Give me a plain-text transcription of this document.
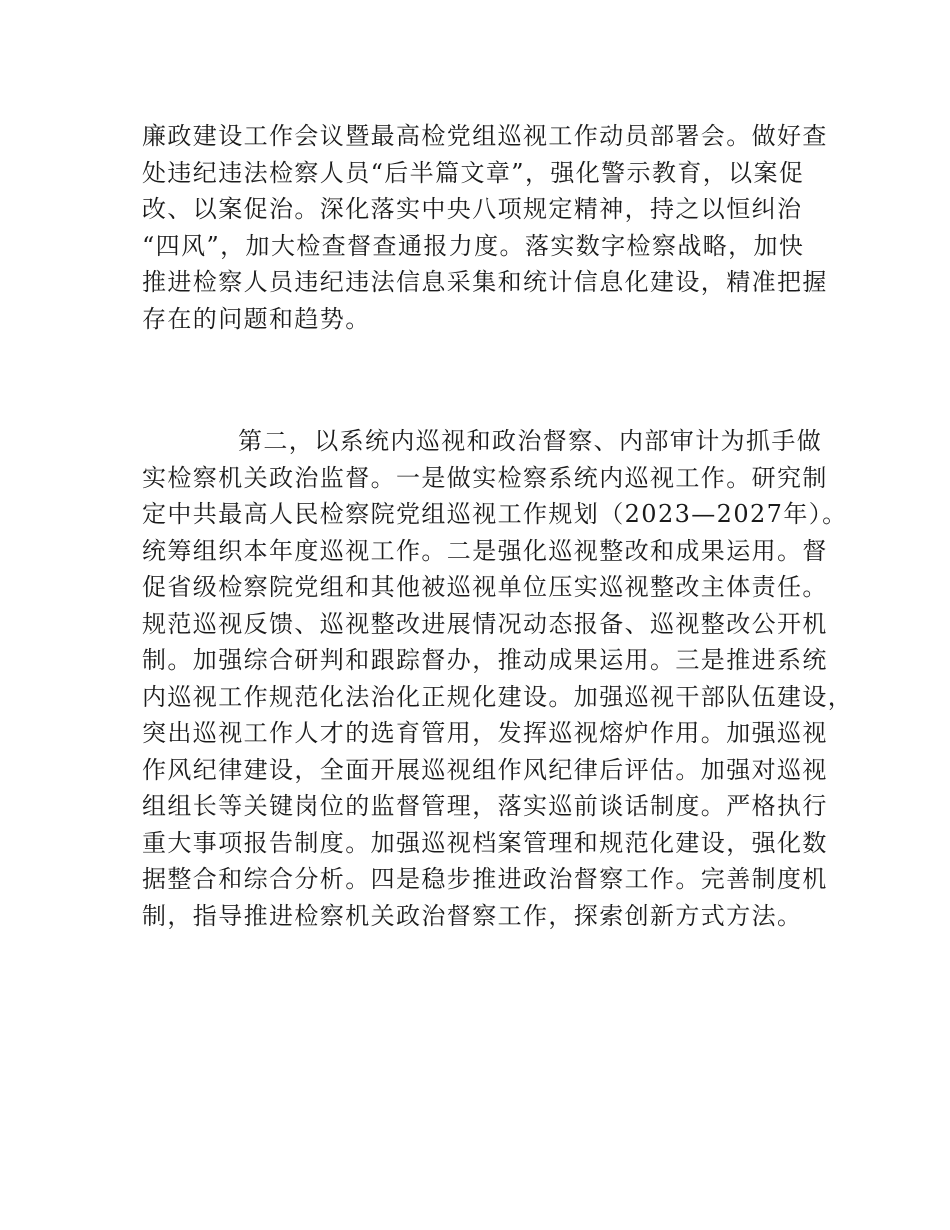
廉政建设工作会议暨最高检党组巡视工作动员部署会。做好查
处违纪违法检察人员“后半篇文章”，强化警示教育，以案促
改、以案促治。深化落实中央八项规定精神，持之以恒纠治
“四风”，加大检查督查通报力度。落实数字检察战略，加快
推进检察人员违纪违法信息采集和统计信息化建设，精准把握
存在的问题和趋势。
第二，以系统内巡视和政治督察、内部审计为抓手做
实检察机关政治监督。一是做实检察系统内巡视工作。研究制
定中共最高人民检察院党组巡视工作规划（2023—2027年）。
统筹组织本年度巡视工作。二是强化巡视整改和成果运用。督
促省级检察院党组和其他被巡视单位压实巡视整改主体责任。
规范巡视反馈、巡视整改进展情况动态报备、巡视整改公开机
制。加强综合研判和跟踪督办，推动成果运用。三是推进系统
内巡视工作规范化法治化正规化建设。加强巡视干部队伍建设，
突出巡视工作人才的选育管用，发挥巡视熔炉作用。加强巡视
作风纪律建设，全面开展巡视组作风纪律后评估。加强对巡视
组组长等关键岗位的监督管理，落实巡前谈话制度。严格执行
重大事项报告制度。加强巡视档案管理和规范化建设，强化数
据整合和综合分析。四是稳步推进政治督察工作。完善制度机
制，指导推进检察机关政治督察工作，探索创新方式方法。
